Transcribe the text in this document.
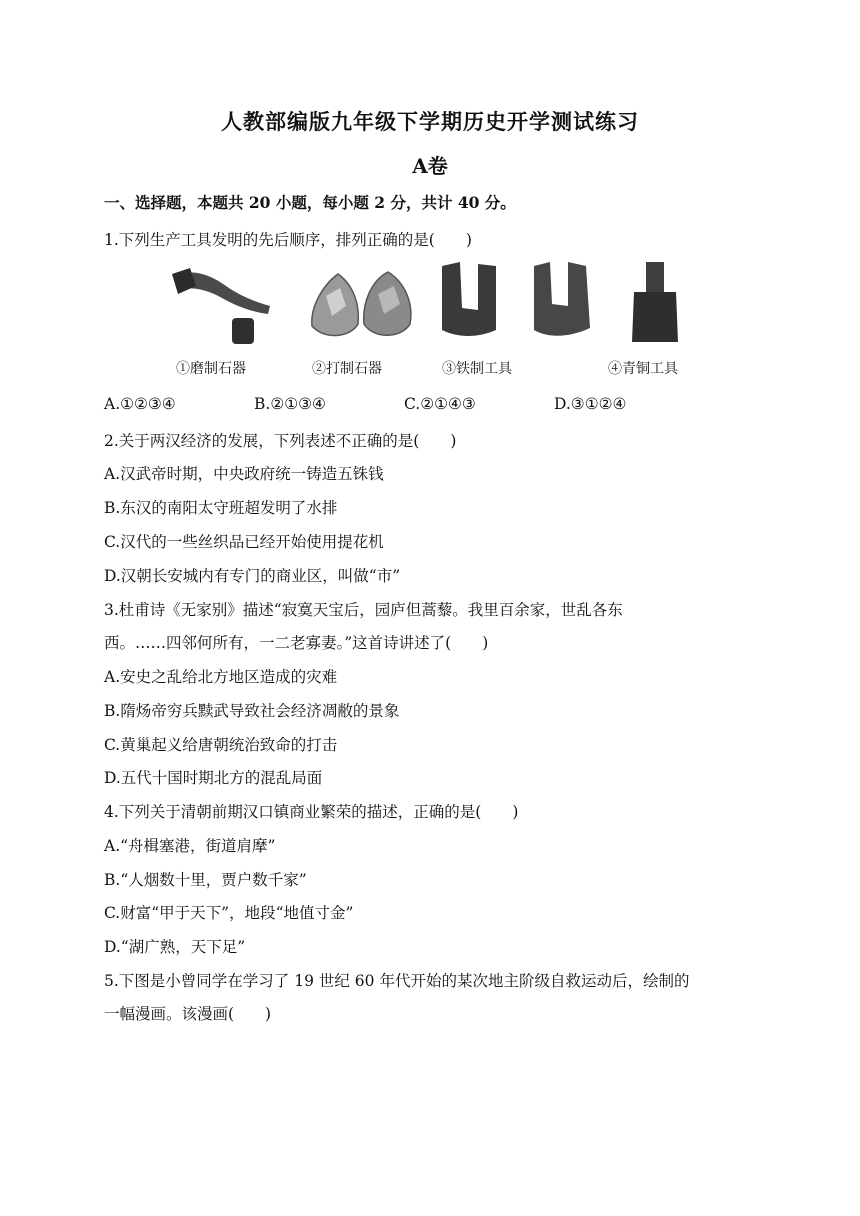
人教部编版九年级下学期历史开学测试练习
A卷
一、选择题，本题共 20 小题，每小题 2 分，共计 40 分。
1.下列生产工具发明的先后顺序，排列正确的是(　　)
①磨制石器	②打制石器	③铁制工具	④青铜工具
A.①②③④	B.②①③④	C.②①④③	D.③①②④
2.关于两汉经济的发展，下列表述不正确的是(　　)
A.汉武帝时期，中央政府统一铸造五铢钱
B.东汉的南阳太守班超发明了水排
C.汉代的一些丝织品已经开始使用提花机
D.汉朝长安城内有专门的商业区，叫做“市”
3.杜甫诗《无家别》描述“寂寞天宝后，园庐但蒿藜。我里百余家，世乱各东
西。……四邻何所有，一二老寡妻。”这首诗讲述了(　　)
A.安史之乱给北方地区造成的灾难
B.隋炀帝穷兵黩武导致社会经济凋敝的景象
C.黄巢起义给唐朝统治致命的打击
D.五代十国时期北方的混乱局面
4.下列关于清朝前期汉口镇商业繁荣的描述，正确的是(　　)
A.“舟楫塞港，街道肩摩”
B.“人烟数十里，贾户数千家”
C.财富“甲于天下”，地段“地值寸金”
D.“湖广熟，天下足”
5.下图是小曾同学在学习了 19 世纪 60 年代开始的某次地主阶级自救运动后，绘制的
一幅漫画。该漫画(　　)
